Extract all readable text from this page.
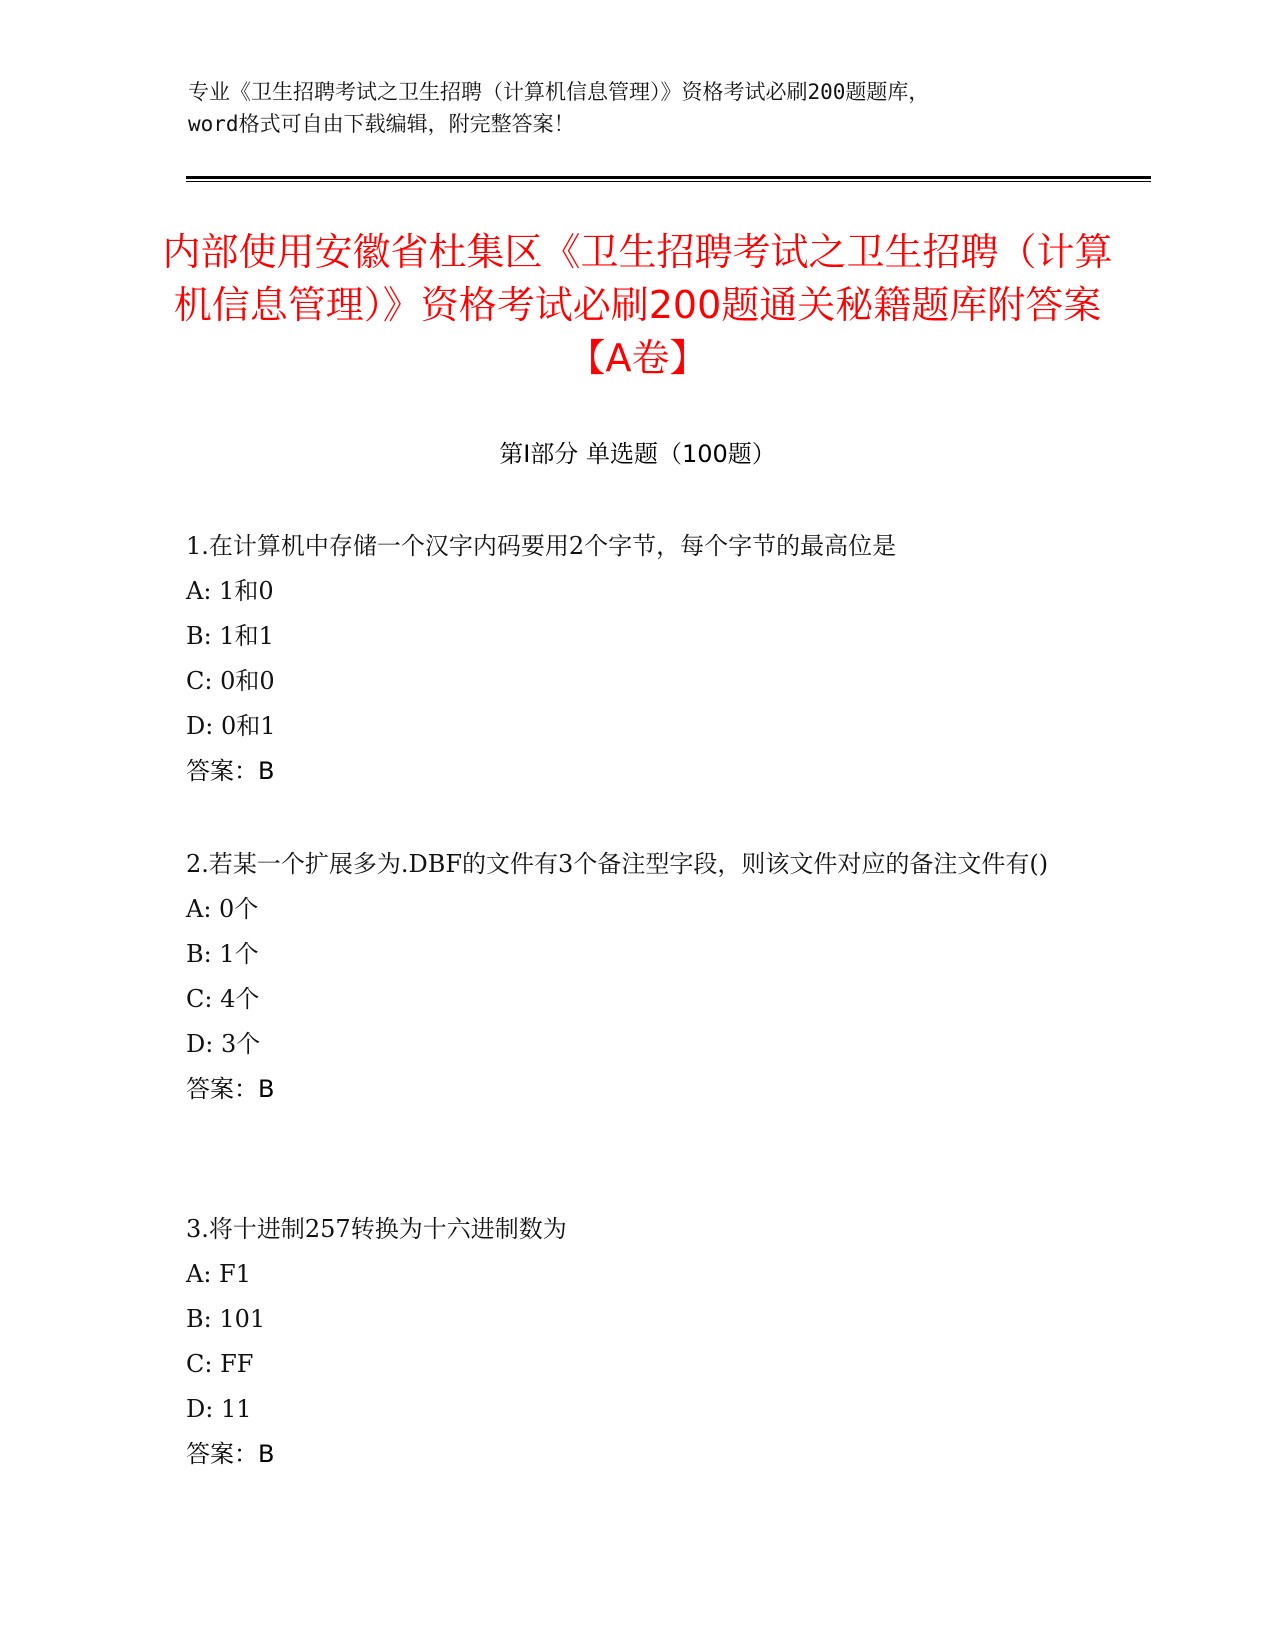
专业《卫生招聘考试之卫生招聘（计算机信息管理）》资格考试必刷200题题库，
word格式可自由下载编辑，附完整答案！
内部使用安徽省杜集区《卫生招聘考试之卫生招聘（计算机信息管理）》资格考试必刷200题通关秘籍题库附答案【A卷】
第I部分 单选题（100题）
1.在计算机中存储一个汉字内码要用2个字节，每个字节的最高位是
A: 1和0
B: 1和1
C: 0和0
D: 0和1
答案：B
2.若某一个扩展多为.DBF的文件有3个备注型字段，则该文件对应的备注文件有()
A: 0个
B: 1个
C: 4个
D: 3个
答案：B
3.将十进制257转换为十六进制数为
A: F1
B: 101
C: FF
D: 11
答案：B
